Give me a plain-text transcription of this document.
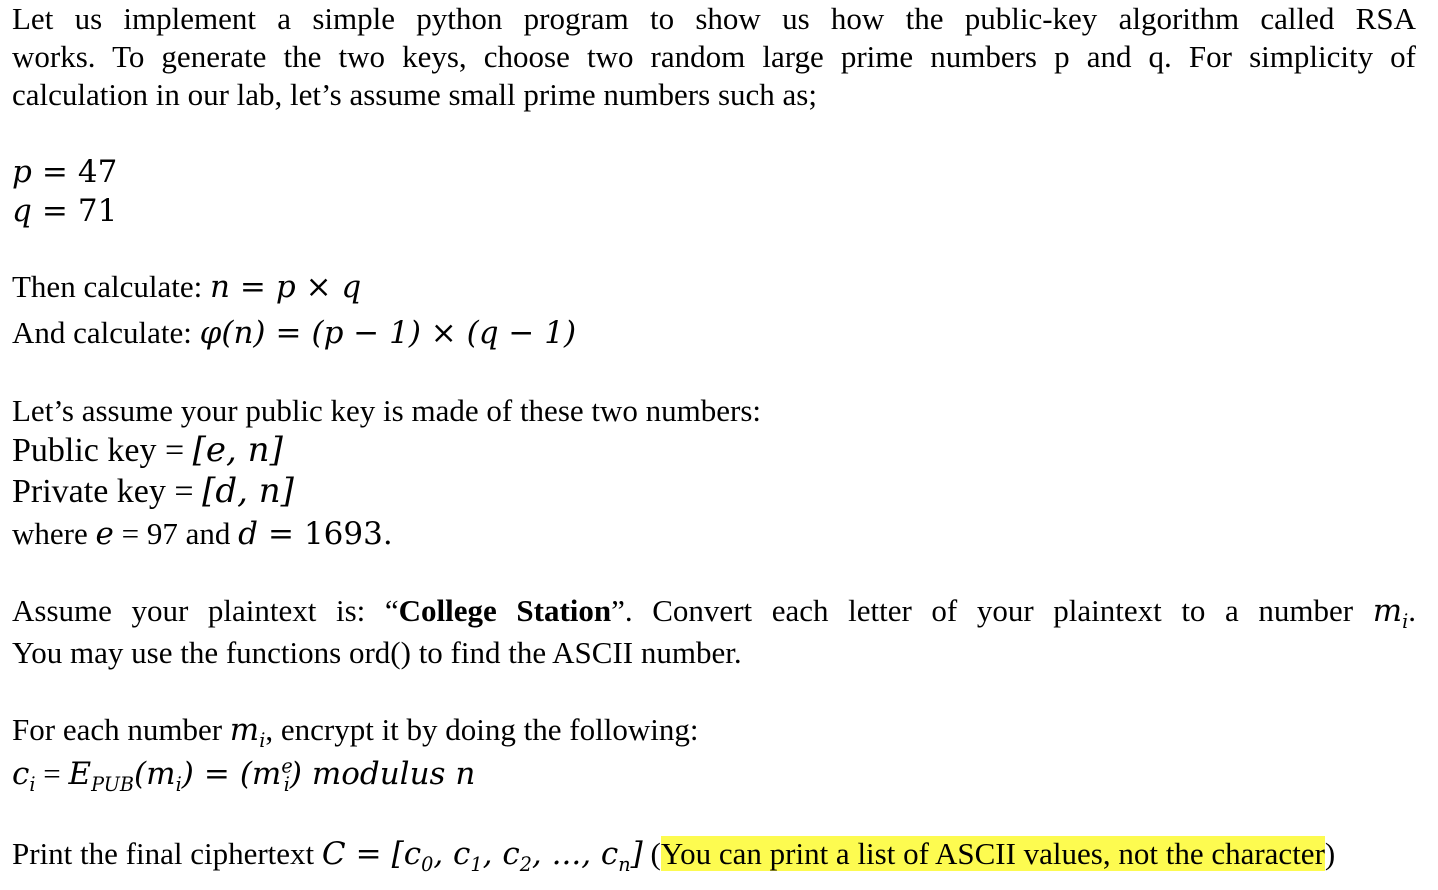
Let us implement a simple python program to show us how the public-key algorithm called RSA
works. To generate the two keys, choose two random large prime numbers p and q. For simplicity of
calculation in our lab, let’s assume small prime numbers such as;
p = 47
q = 71
Then calculate: n = p × q
And calculate: φ(n) = (p − 1) × (q − 1)
Let’s assume your public key is made of these two numbers:
Public key = [e, n]
Private key = [d, n]
where e = 97 and d = 1693.
Assume your plaintext is: “College Station”. Convert each letter of your plaintext to a number $m_i$.
You may use the functions ord() to find the ASCII number.
For each number $m_i$, encrypt it by doing the following:
$c_i = E_{PUB}(m_i) = (m^e_i)$ modulus n
Print the final ciphertext $C = [c_0$, $c_1$, $c_2$, ..., $c_n$] (You can print a list of ASCII values, not the character)
